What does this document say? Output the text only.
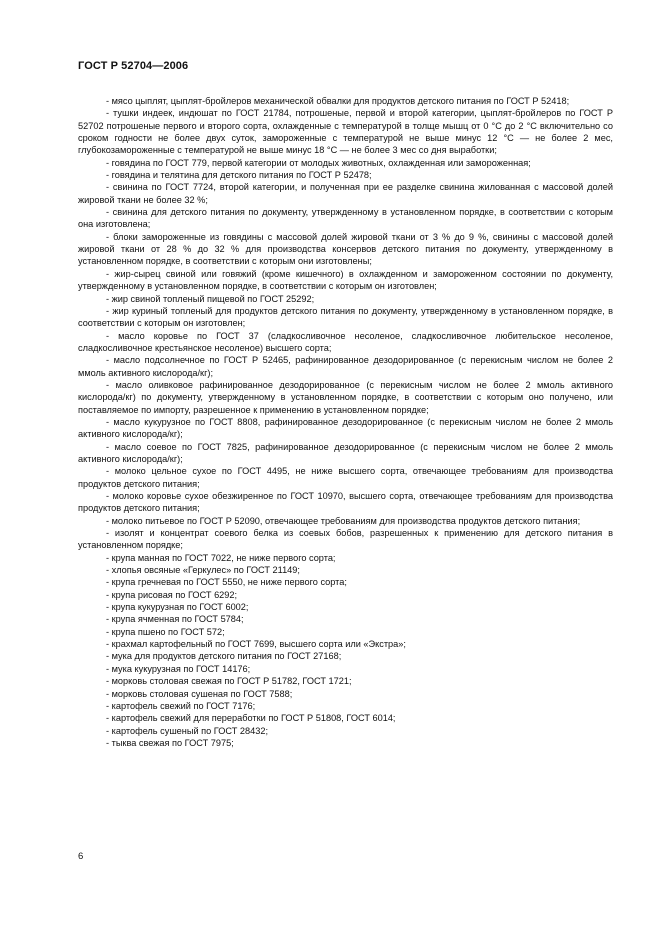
ГОСТ Р 52704—2006

- мясо цыплят, цыплят-бройлеров механической обвалки для продуктов детского питания по ГОСТ Р 52418;

- тушки индеек, индюшат по ГОСТ 21784, потрошеные, первой и второй категории, цыплят-бройлеров по ГОСТ Р 52702 потрошеные первого и второго сорта, охлажденные с температурой в толще мышц от 0 °С до 2 °С включительно со сроком годности не более двух суток, замороженные с температурой не выше минус 12 °С — не более 2 мес, глубокозамороженные с температурой не выше минус 18 °С — не более 3 мес со дня выработки;

- говядина по ГОСТ 779, первой категории от молодых животных, охлажденная или замороженная;

- говядина и телятина для детского питания по ГОСТ Р 52478;

- свинина по ГОСТ 7724, второй категории, и полученная при ее разделке свинина жилованная с массовой долей жировой ткани не более 32 %;

- свинина для детского питания по документу, утвержденному в установленном порядке, в соответствии с которым она изготовлена;

- блоки замороженные из говядины с массовой долей жировой ткани от 3 % до 9 %, свинины с массовой долей жировой ткани от 28 % до 32 % для производства консервов детского питания по документу, утвержденному в установленном порядке, в соответствии с которым они изготовлены;

- жир-сырец свиной или говяжий (кроме кишечного) в охлажденном и замороженном состоянии по документу, утвержденному в установленном порядке, в соответствии с которым он изготовлен;

- жир свиной топленый пищевой по ГОСТ 25292;

- жир куриный топленый для продуктов детского питания по документу, утвержденному в установленном порядке, в соответствии с которым он изготовлен;

- масло коровье по ГОСТ 37 (сладкосливочное несоленое, сладкосливочное любительское несоленое, сладкосливочное крестьянское несоленое) высшего сорта;

- масло подсолнечное по ГОСТ Р 52465, рафинированное дезодорированное (с перекисным числом не более 2 ммоль активного кислорода/кг);

- масло оливковое рафинированное дезодорированное (с перекисным числом не более 2 ммоль активного кислорода/кг) по документу, утвержденному в установленном порядке, в соответствии с которым оно получено, или поставляемое по импорту, разрешенное к применению в установленном порядке;

- масло кукурузное по ГОСТ 8808, рафинированное дезодорированное (с перекисным числом не более 2 ммоль активного кислорода/кг);

- масло соевое по ГОСТ 7825, рафинированное дезодорированное (с перекисным числом не более 2 ммоль активного кислорода/кг);

- молоко цельное сухое по ГОСТ 4495, не ниже высшего сорта, отвечающее требованиям для производства продуктов детского питания;

- молоко коровье сухое обезжиренное по ГОСТ 10970, высшего сорта, отвечающее требованиям для производства продуктов детского питания;

- молоко питьевое по ГОСТ Р 52090, отвечающее требованиям для производства продуктов детского питания;

- изолят и концентрат соевого белка из соевых бобов, разрешенных к применению для детского питания в установленном порядке;

- крупа манная по ГОСТ 7022, не ниже первого сорта;

- хлопья овсяные «Геркулес» по ГОСТ 21149;

- крупа гречневая по ГОСТ 5550, не ниже первого сорта;

- крупа рисовая по ГОСТ 6292;

- крупа кукурузная по ГОСТ 6002;

- крупа ячменная по ГОСТ 5784;

- крупа пшено по ГОСТ 572;

- крахмал картофельный по ГОСТ 7699, высшего сорта или «Экстра»;

- мука для продуктов детского питания по ГОСТ 27168;

- мука кукурузная по ГОСТ 14176;

- морковь столовая свежая по ГОСТ Р 51782, ГОСТ 1721;

- морковь столовая сушеная по ГОСТ 7588;

- картофель свежий по ГОСТ 7176;

- картофель свежий для переработки по ГОСТ Р 51808, ГОСТ 6014;

- картофель сушеный по ГОСТ 28432;

- тыква свежая по ГОСТ 7975;

6
